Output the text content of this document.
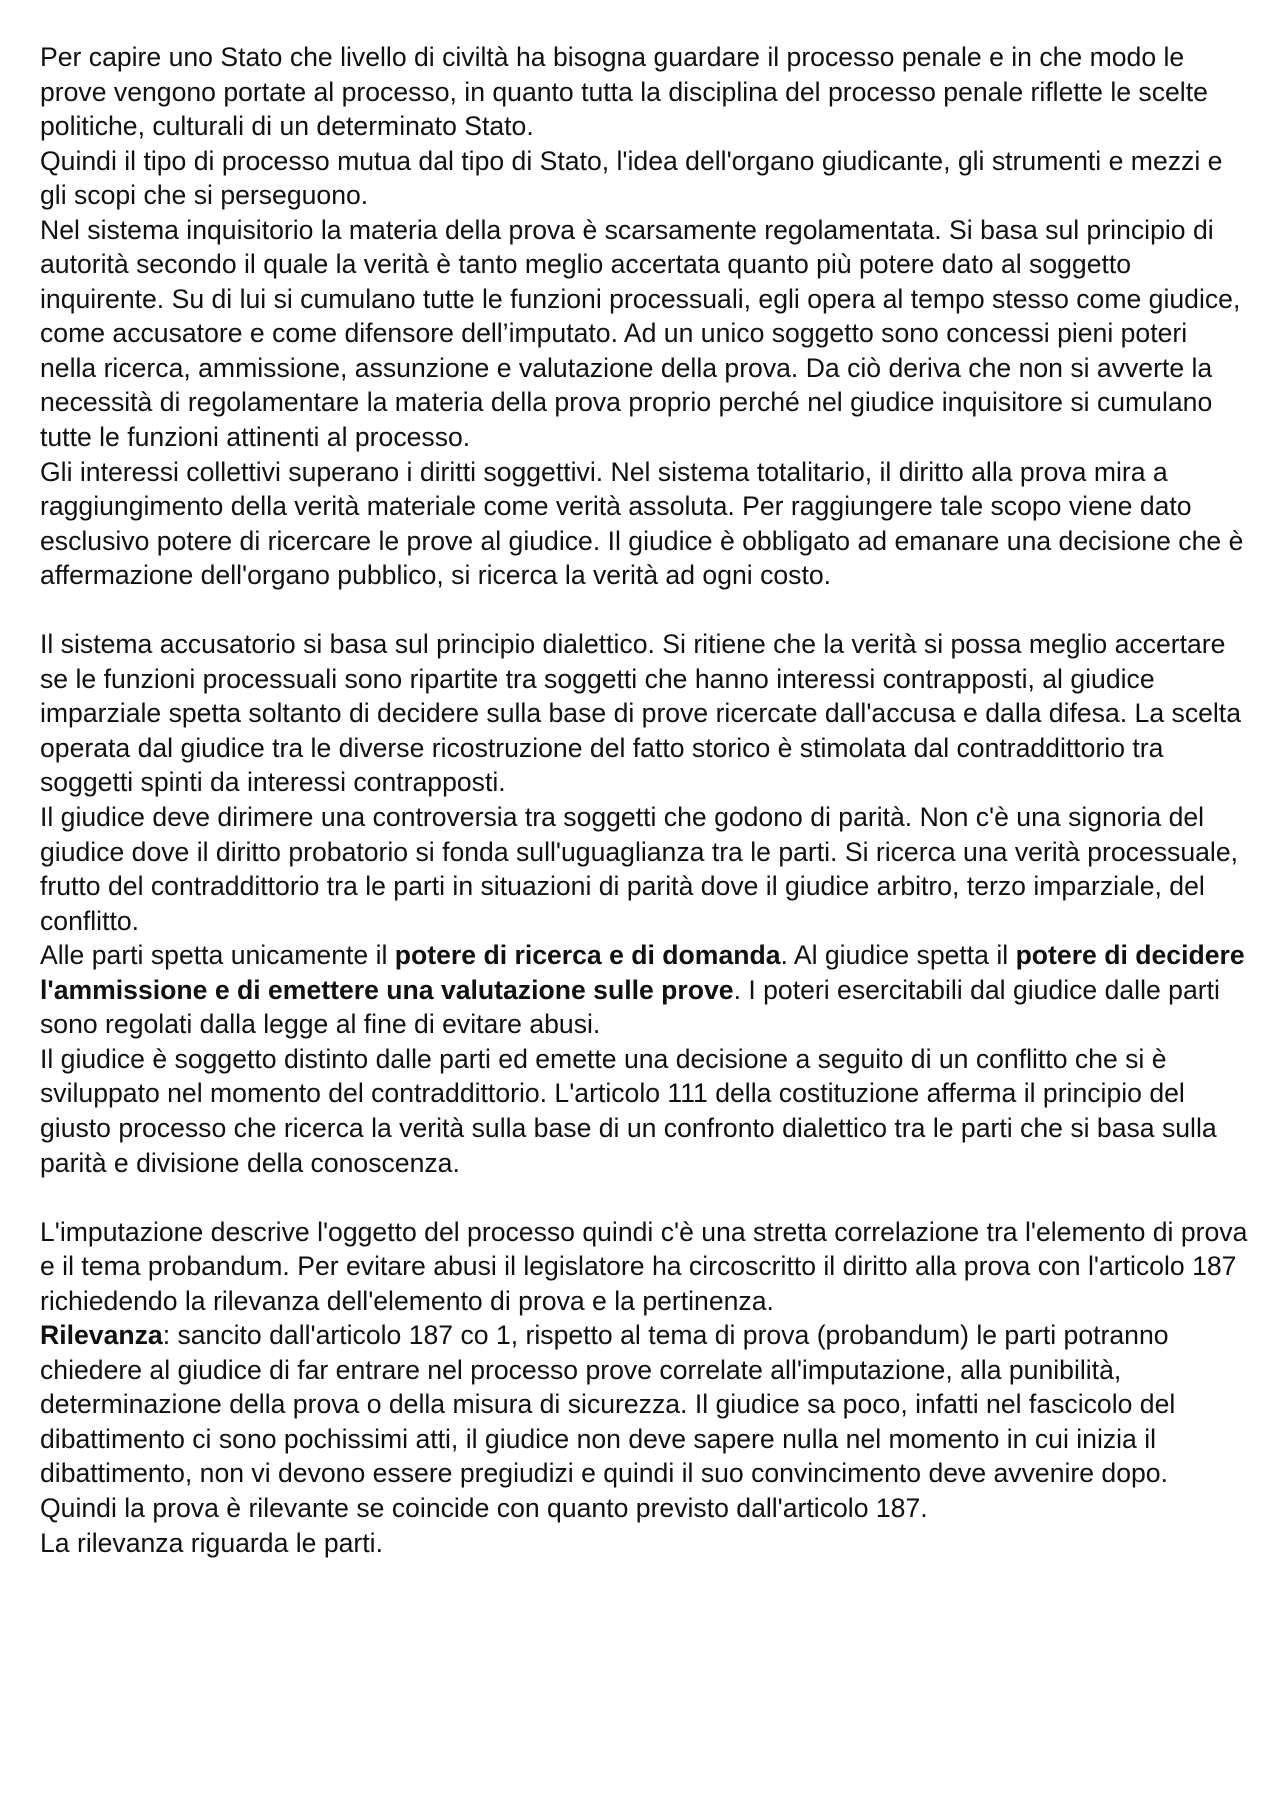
Per capire uno Stato che livello di civiltà ha bisogna guardare il processo penale e in che modo le prove vengono portate al processo, in quanto tutta la disciplina del processo penale riflette le scelte politiche, culturali di un determinato Stato.

Quindi il tipo di processo mutua dal tipo di Stato, l'idea dell'organo giudicante, gli strumenti e mezzi e gli scopi che si perseguono.

Nel sistema inquisitorio la materia della prova è scarsamente regolamentata. Si basa sul principio di autorità secondo il quale la verità è tanto meglio accertata quanto più potere dato al soggetto inquirente. Su di lui si cumulano tutte le funzioni processuali, egli opera al tempo stesso come giudice, come accusatore e come difensore dell’imputato. Ad un unico soggetto sono concessi pieni poteri nella ricerca, ammissione, assunzione e valutazione della prova. Da ciò deriva che non si avverte la necessità di regolamentare la materia della prova proprio perché nel giudice inquisitore si cumulano tutte le funzioni attinenti al processo.

Gli interessi collettivi superano i diritti soggettivi. Nel sistema totalitario, il diritto alla prova mira a raggiungimento della verità materiale come verità assoluta. Per raggiungere tale scopo viene dato esclusivo potere di ricercare le prove al giudice. Il giudice è obbligato ad emanare una decisione che è affermazione dell'organo pubblico, si ricerca la verità ad ogni costo.

Il sistema accusatorio si basa sul principio dialettico. Si ritiene che la verità si possa meglio accertare se le funzioni processuali sono ripartite tra soggetti che hanno interessi contrapposti, al giudice imparziale spetta soltanto di decidere sulla base di prove ricercate dall'accusa e dalla difesa. La scelta operata dal giudice tra le diverse ricostruzione del fatto storico è stimolata dal contraddittorio tra soggetti spinti da interessi contrapposti.

Il giudice deve dirimere una controversia tra soggetti che godono di parità. Non c'è una signoria del giudice dove il diritto probatorio si fonda sull'uguaglianza tra le parti. Si ricerca una verità processuale, frutto del contraddittorio tra le parti in situazioni di parità dove il giudice arbitro, terzo imparziale, del conflitto.

Alle parti spetta unicamente il potere di ricerca e di domanda. Al giudice spetta il potere di decidere l'ammissione e di emettere una valutazione sulle prove. I poteri esercitabili dal giudice dalle parti sono regolati dalla legge al fine di evitare abusi.

Il giudice è soggetto distinto dalle parti ed emette una decisione a seguito di un conflitto che si è sviluppato nel momento del contraddittorio. L'articolo 111 della costituzione afferma il principio del giusto processo che ricerca la verità sulla base di un confronto dialettico tra le parti che si basa sulla parità e divisione della conoscenza.

L'imputazione descrive l'oggetto del processo quindi c'è una stretta correlazione tra l'elemento di prova e il tema probandum. Per evitare abusi il legislatore ha circoscritto il diritto alla prova con l'articolo 187 richiedendo la rilevanza dell'elemento di prova e la pertinenza.

Rilevanza: sancito dall'articolo 187 co 1, rispetto al tema di prova (probandum) le parti potranno chiedere al giudice di far entrare nel processo prove correlate all'imputazione, alla punibilità, determinazione della prova o della misura di sicurezza. Il giudice sa poco, infatti nel fascicolo del dibattimento ci sono pochissimi atti, il giudice non deve sapere nulla nel momento in cui inizia il dibattimento, non vi devono essere pregiudizi e quindi il suo convincimento deve avvenire dopo. Quindi la prova è rilevante se coincide con quanto previsto dall'articolo 187.

La rilevanza riguarda le parti.
